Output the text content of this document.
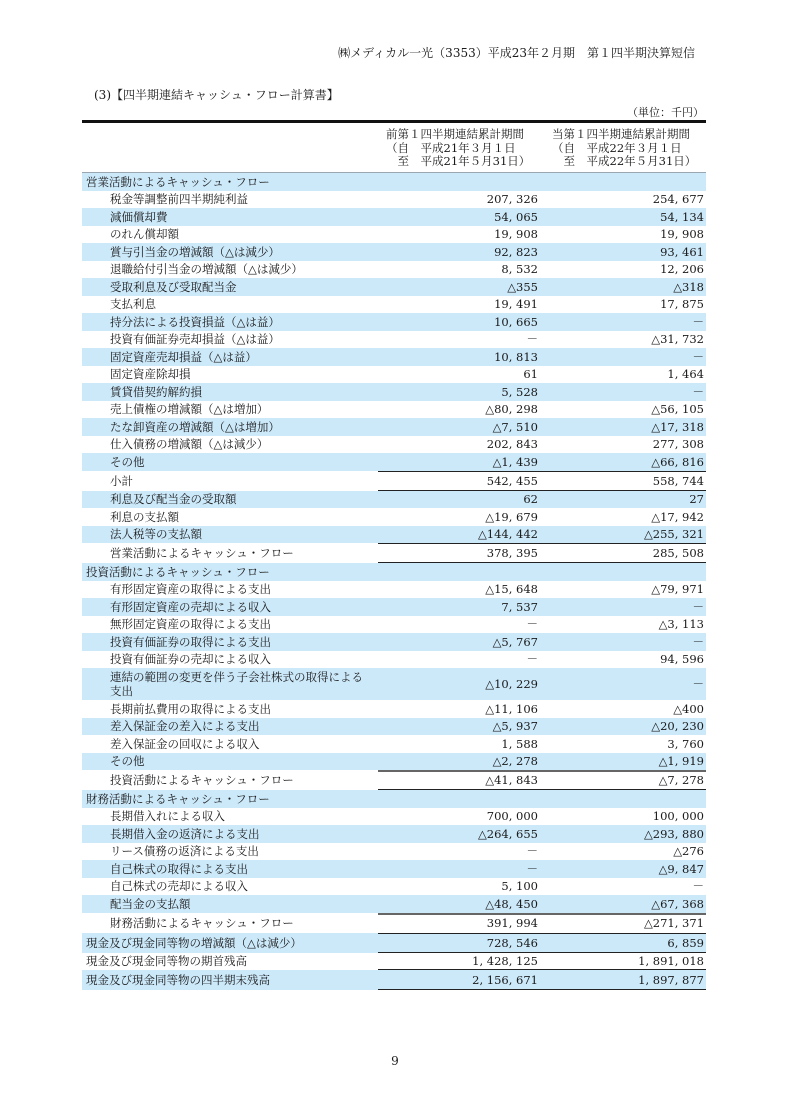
㈱メディカル一光（3353）平成23年２月期　第１四半期決算短信
(3)【四半期連結キャッシュ・フロー計算書】
（単位：千円）
前第１四半期連結累計期間
（自　平成21年３月１日
　至　平成21年５月31日）
当第１四半期連結累計期間
（自　平成22年３月１日
　至　平成22年５月31日）
営業活動によるキャッシュ・フロー
税金等調整前四半期純利益	207, 326	254, 677
減価償却費	54, 065	54, 134
のれん償却額	19, 908	19, 908
賞与引当金の増減額（△は減少）	92, 823	93, 461
退職給付引当金の増減額（△は減少）	8, 532	12, 206
受取利息及び受取配当金	△355	△318
支払利息	19, 491	17, 875
持分法による投資損益（△は益）	10, 665	－
投資有価証券売却損益（△は益）	－	△31, 732
固定資産売却損益（△は益）	10, 813	－
固定資産除却損	61	1, 464
賃貸借契約解約損	5, 528	－
売上債権の増減額（△は増加）	△80, 298	△56, 105
たな卸資産の増減額（△は増加）	△7, 510	△17, 318
仕入債務の増減額（△は減少）	202, 843	277, 308
その他	△1, 439	△66, 816
小計	542, 455	558, 744
利息及び配当金の受取額	62	27
利息の支払額	△19, 679	△17, 942
法人税等の支払額	△144, 442	△255, 321
営業活動によるキャッシュ・フロー	378, 395	285, 508
投資活動によるキャッシュ・フロー
有形固定資産の取得による支出	△15, 648	△79, 971
有形固定資産の売却による収入	7, 537	－
無形固定資産の取得による支出	－	△3, 113
投資有価証券の取得による支出	△5, 767	－
投資有価証券の売却による収入	－	94, 596
連結の範囲の変更を伴う子会社株式の取得による支出	△10, 229	－
長期前払費用の取得による支出	△11, 106	△400
差入保証金の差入による支出	△5, 937	△20, 230
差入保証金の回収による収入	1, 588	3, 760
その他	△2, 278	△1, 919
投資活動によるキャッシュ・フロー	△41, 843	△7, 278
財務活動によるキャッシュ・フロー
長期借入れによる収入	700, 000	100, 000
長期借入金の返済による支出	△264, 655	△293, 880
リース債務の返済による支出	－	△276
自己株式の取得による支出	－	△9, 847
自己株式の売却による収入	5, 100	－
配当金の支払額	△48, 450	△67, 368
財務活動によるキャッシュ・フロー	391, 994	△271, 371
現金及び現金同等物の増減額（△は減少）	728, 546	6, 859
現金及び現金同等物の期首残高	1, 428, 125	1, 891, 018
現金及び現金同等物の四半期末残高	2, 156, 671	1, 897, 877
9
